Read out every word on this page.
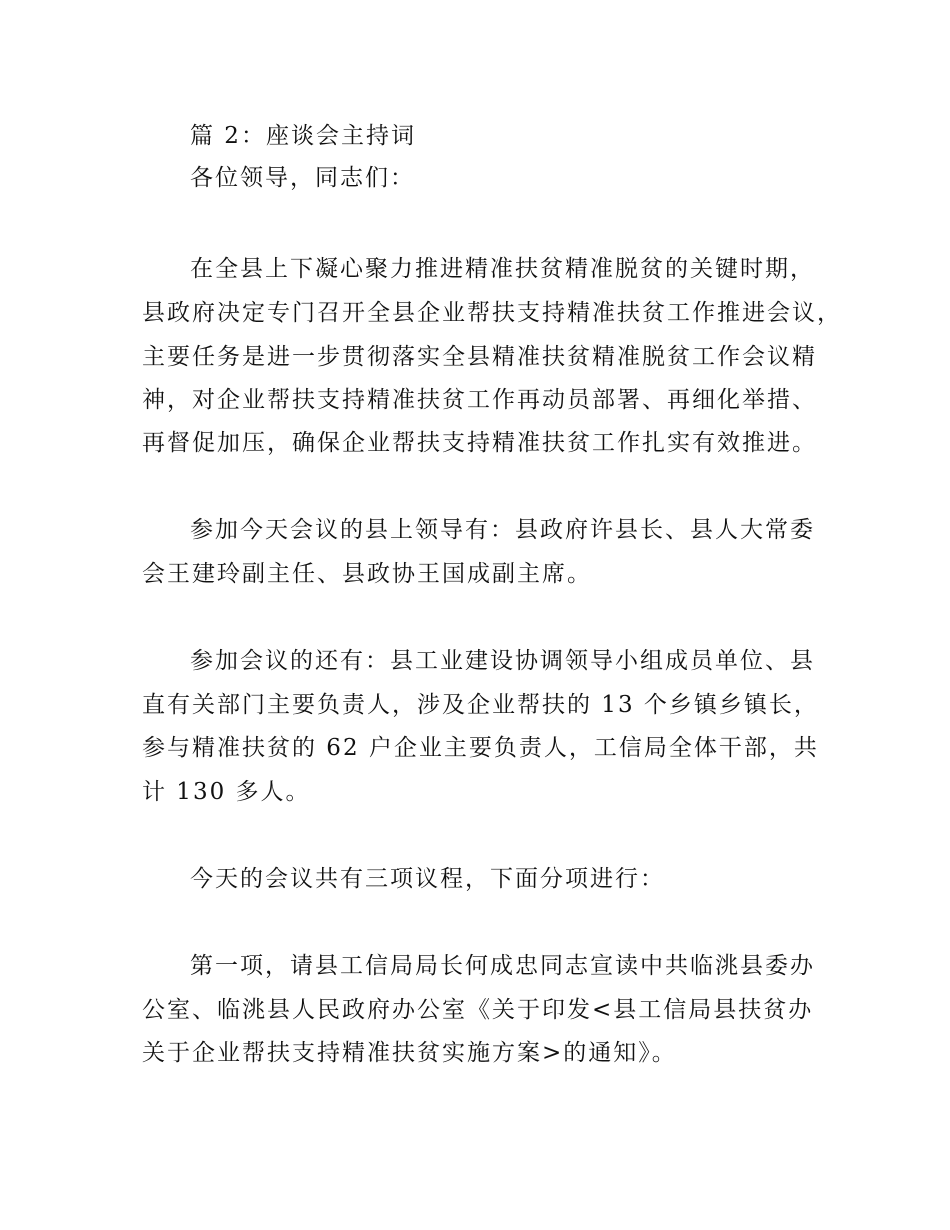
篇 2：座谈会主持词

各位领导，同志们：

在全县上下凝心聚力推进精准扶贫精准脱贫的关键时期，

县政府决定专门召开全县企业帮扶支持精准扶贫工作推进会议，

主要任务是进一步贯彻落实全县精准扶贫精准脱贫工作会议精

神，对企业帮扶支持精准扶贫工作再动员部署、再细化举措、

再督促加压，确保企业帮扶支持精准扶贫工作扎实有效推进。

参加今天会议的县上领导有：县政府许县长、县人大常委

会王建玲副主任、县政协王国成副主席。

参加会议的还有：县工业建设协调领导小组成员单位、县

直有关部门主要负责人，涉及企业帮扶的 13 个乡镇乡镇长，

参与精准扶贫的 62 户企业主要负责人，工信局全体干部，共

计 130 多人。

今天的会议共有三项议程，下面分项进行：

第一项，请县工信局局长何成忠同志宣读中共临洮县委办

公室、临洮县人民政府办公室《关于印发<县工信局县扶贫办

关于企业帮扶支持精准扶贫实施方案>的通知》。
